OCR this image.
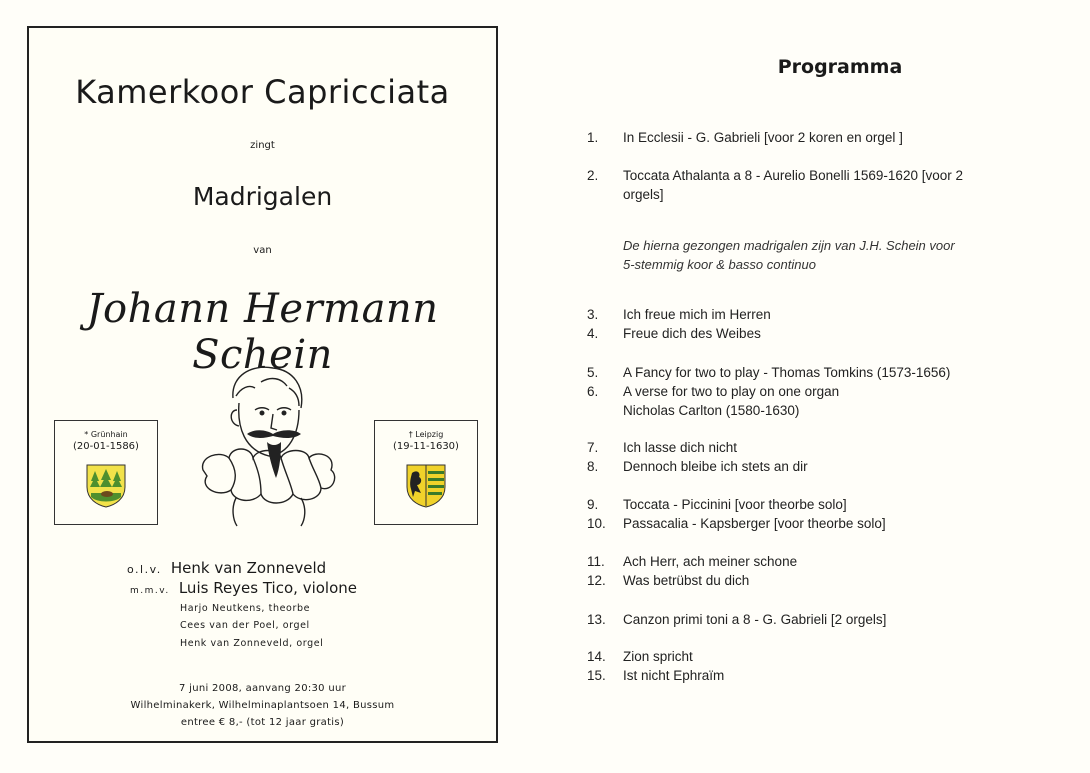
Kamerkoor Capricciata
zingt
Madrigalen
van
Johann Hermann Schein
* Grünhain
(20-01-1586)
† Leipzig
(19-11-1630)
o.l.v. Henk van Zonneveld
m.m.v. Luis Reyes Tico, violone
Harjo Neutkens, theorbe
Cees van der Poel, orgel
Henk van Zonneveld, orgel
7 juni 2008, aanvang 20:30 uur
Wilhelminakerk, Wilhelminaplantsoen 14, Bussum
entree € 8,- (tot 12 jaar gratis)
Programma
1. In Ecclesii - G. Gabrieli [voor 2 koren en orgel ]
2. Toccata Athalanta a 8 - Aurelio Bonelli 1569-1620 [voor 2
orgels]
De hierna gezongen madrigalen zijn van J.H. Schein voor
5-stemmig koor & basso continuo
3. Ich freue mich im Herren
4. Freue dich des Weibes
5. A Fancy for two to play - Thomas Tomkins (1573-1656)
6. A verse for two to play on one organ
Nicholas Carlton (1580-1630)
7. Ich lasse dich nicht
8. Dennoch bleibe ich stets an dir
9. Toccata - Piccinini [voor theorbe solo]
10. Passacalia - Kapsberger [voor theorbe solo]
11. Ach Herr, ach meiner schone
12. Was betrübst du dich
13. Canzon primi toni a 8 - G. Gabrieli [2 orgels]
14. Zion spricht
15. Ist nicht Ephraïm
